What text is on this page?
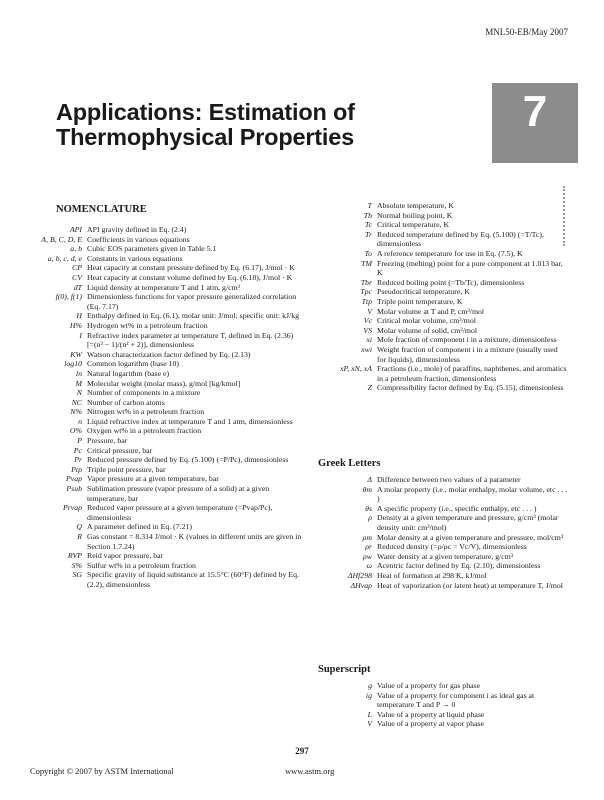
MNL50-EB/May 2007
7
Applications: Estimation of Thermophysical Properties
NOMENCLATURE
API API gravity defined in Eq. (2.4)
A, B, C, D, E Coefficients in various equations
a, b Cubic EOS parameters given in Table 5.1
a, b, c, d, e Constants in various equations
CP Heat capacity at constant pressure defined by Eq. (6.17), J/mol · K
CV Heat capacity at constant volume defined by Eq. (6.18), J/mol · K
dT Liquid density at temperature T and 1 atm, g/cm³
f(0), f(1) Dimensionless functions for vapor pressure generalized correlation (Eq. 7.17)
H Enthalpy defined in Eq. (6.1), molar unit: J/mol; specific unit: kJ/kg
H% Hydrogen wt% in a petroleum fraction
I Refractive index parameter at temperature T, defined in Eq. (2.36) [=(n² − 1)/(n² + 2)], dimensionless
KW Watson characterization factor defined by Eq. (2.13)
log10 Common logarithm (base 10)
ln Natural logarithm (base e)
M Molecular weight (molar mass), g/mol [kg/kmol]
N Number of components in a mixture
NC Number of carbon atoms
N% Nitrogen wt% in a petroleum fraction
n Liquid refractive index at temperature T and 1 atm, dimensionless
O% Oxygen wt% in a petroleum fraction
P Pressure, bar
Pc Critical pressure, bar
Pr Reduced pressure defined by Eq. (5.100) (=P/Pc), dimensionless
Ptp Triple point pressure, bar
Pvap Vapor pressure at a given temperature, bar
Psub Sublimation pressure (vapor pressure of a solid) at a given temperature, bar
Prvap Reduced vapor pressure at a given temperature (=Pvap/Pc), dimensionless
Q A parameter defined in Eq. (7.21)
R Gas constant = 8.314 J/mol · K (values in different units are given in Section 1.7.24)
RVP Reid vapor pressure, bar
S% Sulfur wt% in a petroleum fraction
SG Specific gravity of liquid substance at 15.5°C (60°F) defined by Eq. (2.2), dimensionless
T Absolute temperature, K
Tb Normal boiling point, K
Tc Critical temperature, K
Tr Reduced temperature defined by Eq. (5.100) (=T/Tc), dimensionless
To A reference temperature for use in Eq. (7.5), K
TM Freezing (melting) point for a pure component at 1.013 bar, K
Tbr Reduced boiling point (=Tb/Tc), dimensionless
Tpc Pseudocritical temperature, K
Ttp Triple point temperature, K
V Molar volume at T and P, cm³/mol
Vc Critical molar volume, cm³/mol
VS Molar volume of solid, cm³/mol
xi Mole fraction of component i in a mixture, dimensionless
xwi Weight fraction of component i in a mixture (usually used for liquids), dimensionless
xP, xN, xA Fractions (i.e., mole) of paraffins, naphthenes, and aromatics in a petroleum fraction, dimensionless
Z Compressibility factor defined by Eq. (5.15), dimensionless
Greek Letters
Δ Difference between two values of a parameter
θm A molar property (i.e., molar enthalpy, molar volume, etc . . . )
θs A specific property (i.e., specific enthalpy, etc . . . )
ρ Density at a given temperature and pressure, g/cm³ (molar density unit: cm³/mol)
ρm Molar density at a given temperature and pressure, mol/cm³
ρr Reduced density (=ρ/ρc = Vc/V), dimensionless
ρw Water density at a given temperature, g/cm³
ω Acentric factor defined by Eq. (2.10), dimensionless
ΔHf298 Heat of formation at 298 K, kJ/mol
ΔHvap Heat of vaporization (or latent heat) at temperature T, J/mol
Superscript
g Value of a property for gas phase
ig Value of a property for component i as ideal gas at temperature T and P → 0
L Value of a property at liquid phase
V Value of a property at vapor phase
297
Copyright © 2007 by ASTM International	www.astm.org
